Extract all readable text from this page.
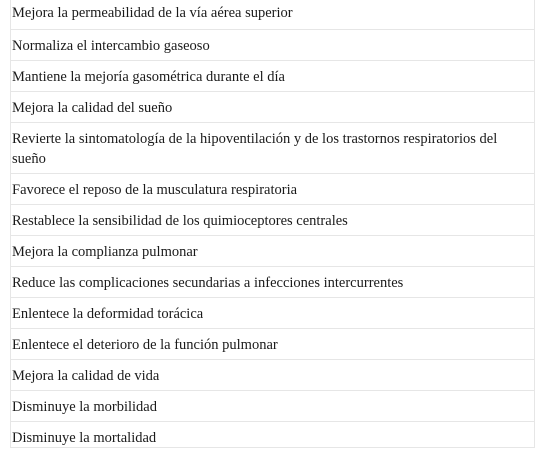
Mejora la permeabilidad de la vía aérea superior
Normaliza el intercambio gaseoso
Mantiene la mejoría gasométrica durante el día
Mejora la calidad del sueño
Revierte la sintomatología de la hipoventilación y de los trastornos respiratorios del sueño
Favorece el reposo de la musculatura respiratoria
Restablece la sensibilidad de los quimioceptores centrales
Mejora la complianza pulmonar
Reduce las complicaciones secundarias a infecciones intercurrentes
Enlentece la deformidad torácica
Enlentece el deterioro de la función pulmonar
Mejora la calidad de vida
Disminuye la morbilidad
Disminuye la mortalidad
